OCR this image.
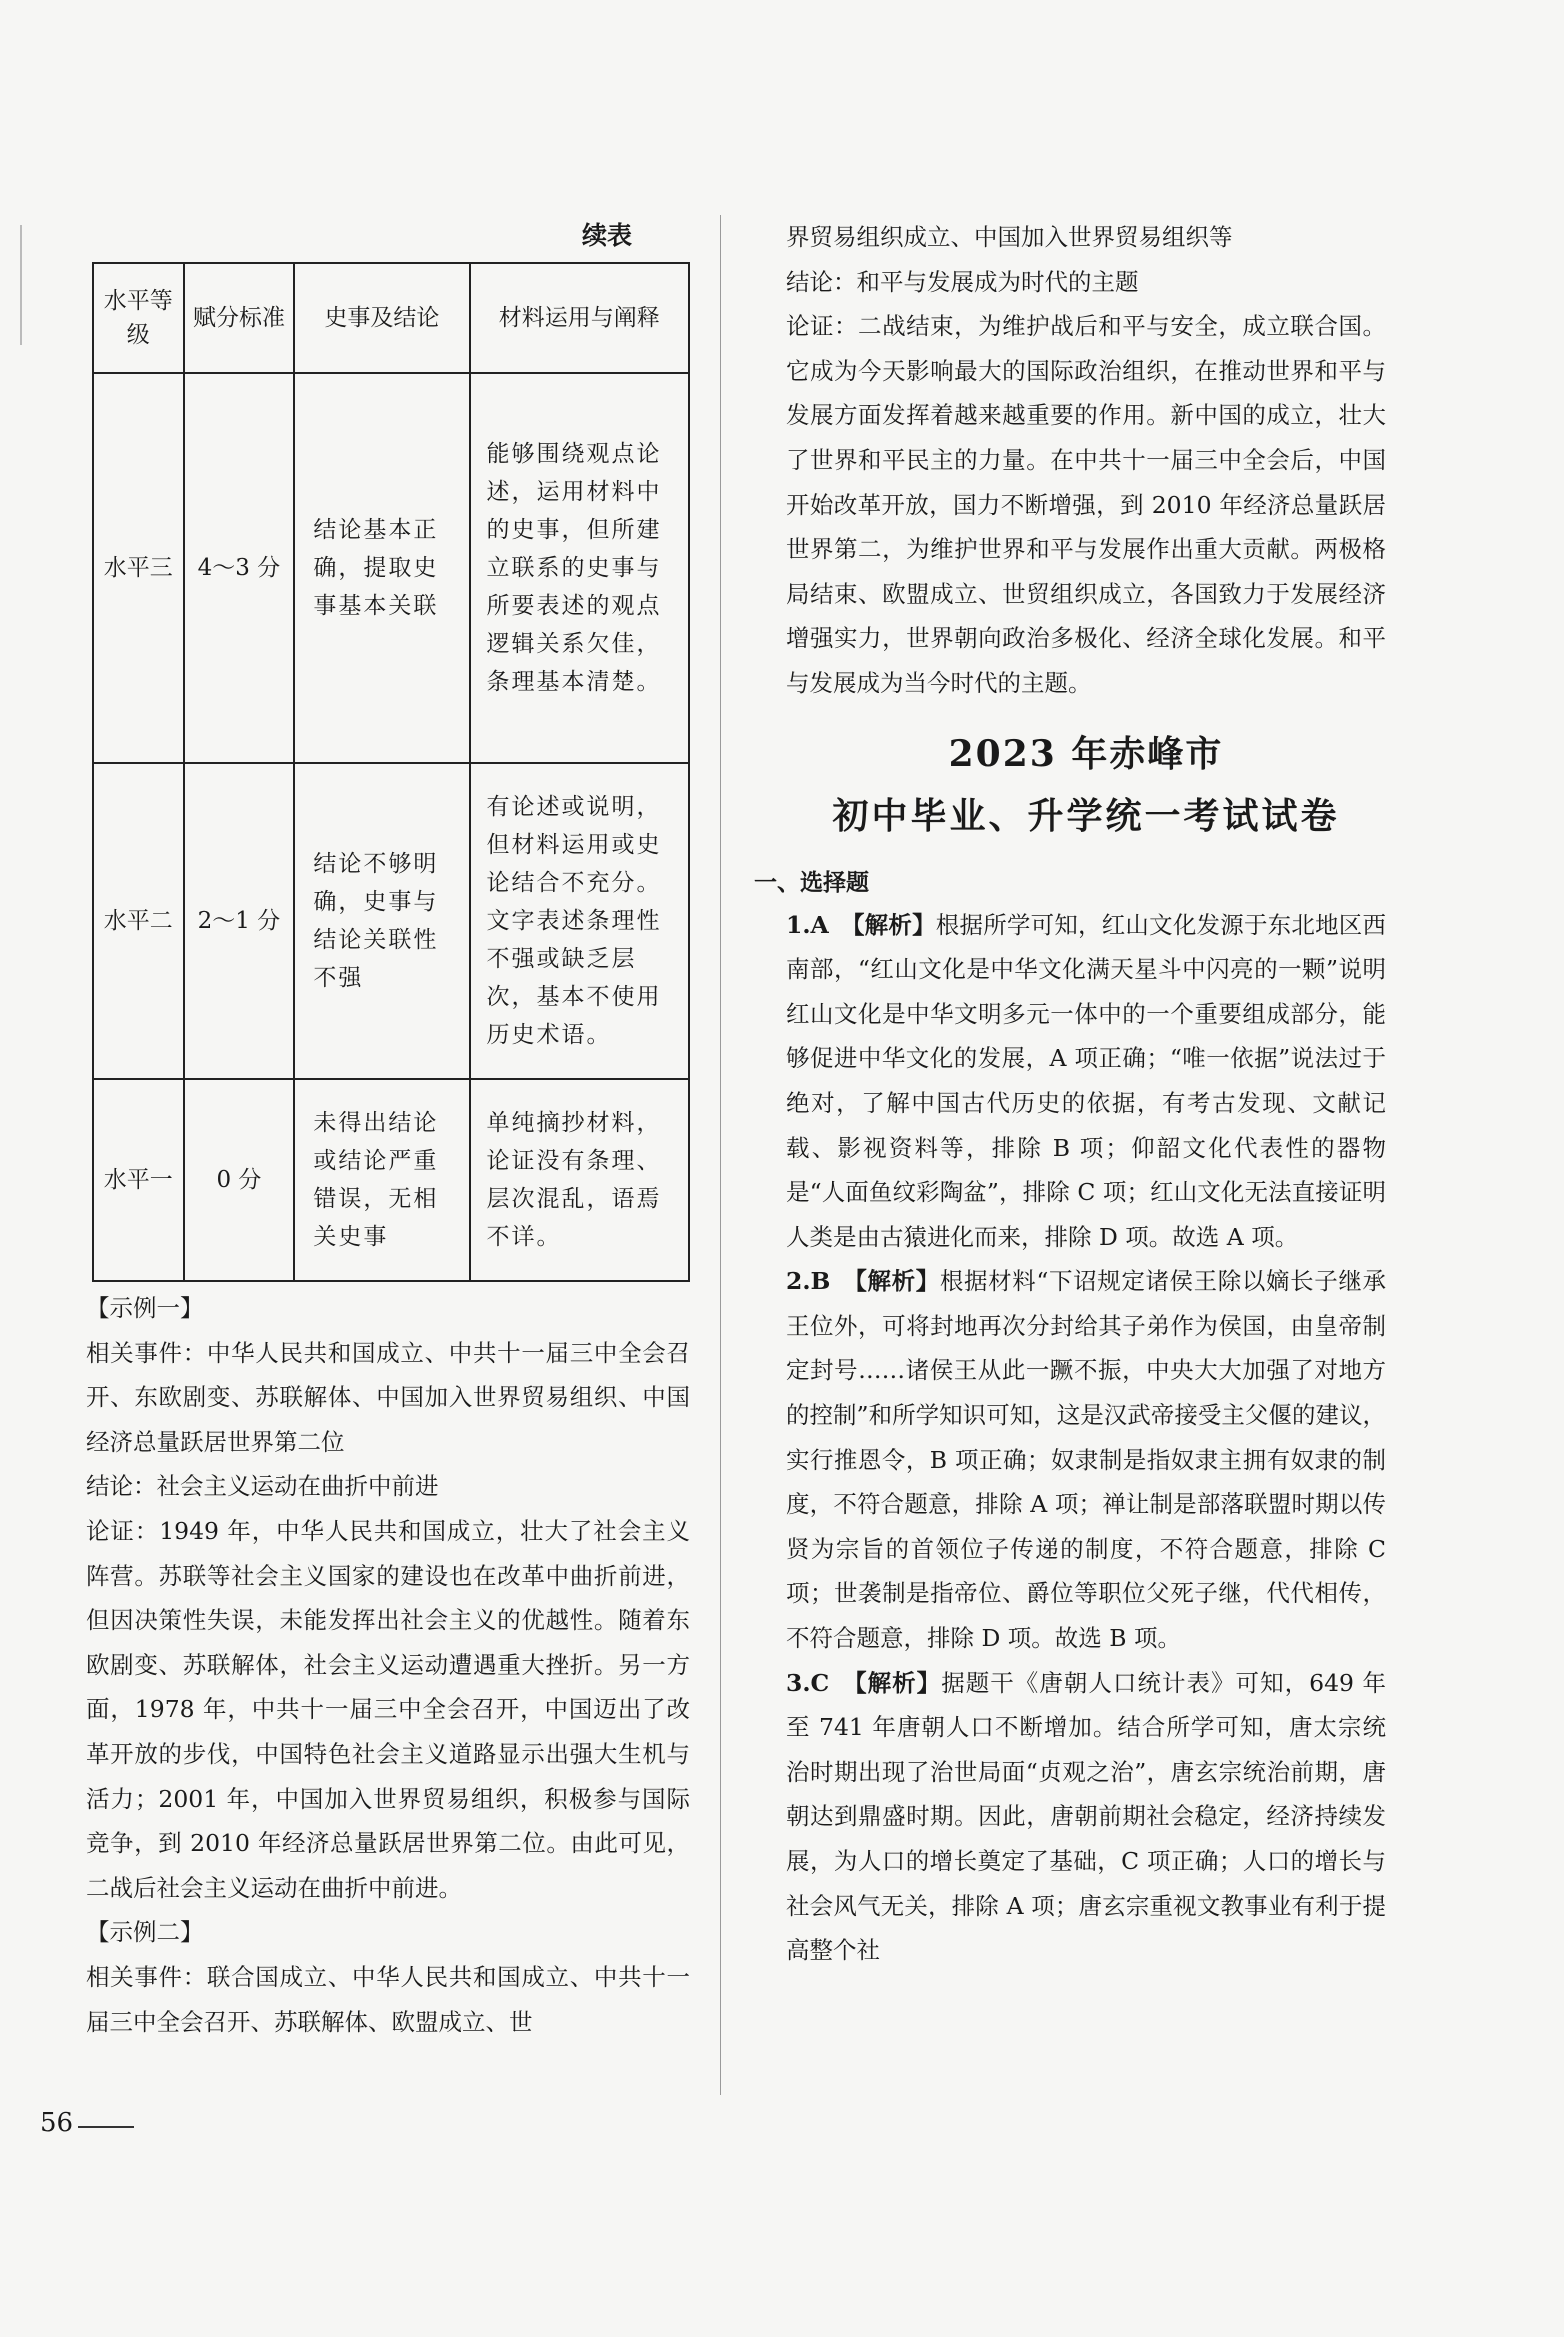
续表
水平等级	赋分标准	史事及结论	材料运用与阐释
水平三	4～3 分	结论基本正确，提取史事基本关联	能够围绕观点论述，运用材料中的史事，但所建立联系的史事与所要表述的观点逻辑关系欠佳，条理基本清楚。

水平二	2～1 分	结论不够明确，史事与结论关联性不强	有论述或说明，但材料运用或史论结合不充分。文字表述条理性不强或缺乏层次，基本不使用历史术语。

水平一	0 分	未得出结论或结论严重错误，无相关史事	单纯摘抄材料，论证没有条理、层次混乱，语焉不详。

【示例一】

相关事件：中华人民共和国成立、中共十一届三中全会召开、东欧剧变、苏联解体、中国加入世界贸易组织、中国经济总量跃居世界第二位

结论：社会主义运动在曲折中前进

论证：1949 年，中华人民共和国成立，壮大了社会主义阵营。苏联等社会主义国家的建设也在改革中曲折前进，但因决策性失误，未能发挥出社会主义的优越性。随着东欧剧变、苏联解体，社会主义运动遭遇重大挫折。另一方面，1978 年，中共十一届三中全会召开，中国迈出了改革开放的步伐，中国特色社会主义道路显示出强大生机与活力；2001 年，中国加入世界贸易组织，积极参与国际竞争，到 2010 年经济总量跃居世界第二位。由此可见，二战后社会主义运动在曲折中前进。

【示例二】

相关事件：联合国成立、中华人民共和国成立、中共十一届三中全会召开、苏联解体、欧盟成立、世

界贸易组织成立、中国加入世界贸易组织等

结论：和平与发展成为时代的主题

论证：二战结束，为维护战后和平与安全，成立联合国。它成为今天影响最大的国际政治组织，在推动世界和平与发展方面发挥着越来越重要的作用。新中国的成立，壮大了世界和平民主的力量。在中共十一届三中全会后，中国开始改革开放，国力不断增强，到 2010 年经济总量跃居世界第二，为维护世界和平与发展作出重大贡献。两极格局结束、欧盟成立、世贸组织成立，各国致力于发展经济增强实力，世界朝向政治多极化、经济全球化发展。和平与发展成为当今时代的主题。

2023 年赤峰市
初中毕业、升学统一考试试卷
一、选择题

1.A　 【解析】根据所学可知，红山文化发源于东北地区西南部，“红山文化是中华文化满天星斗中闪亮的一颗”说明红山文化是中华文明多元一体中的一个重要组成部分，能够促进中华文化的发展，A 项正确；“唯一依据”说法过于绝对，了解中国古代历史的依据，有考古发现、文献记载、影视资料等，排除 B 项；仰韶文化代表性的器物是“人面鱼纹彩陶盆”，排除 C 项；红山文化无法直接证明人类是由古猿进化而来，排除 D 项。故选 A 项。

2.B　 【解析】根据材料“下诏规定诸侯王除以嫡长子继承王位外，可将封地再次分封给其子弟作为侯国，由皇帝制定封号……诸侯王从此一蹶不振，中央大大加强了对地方的控制”和所学知识可知，这是汉武帝接受主父偃的建议，实行推恩令，B 项正确；奴隶制是指奴隶主拥有奴隶的制度，不符合题意，排除 A 项；禅让制是部落联盟时期以传贤为宗旨的首领位子传递的制度，不符合题意，排除 C 项；世袭制是指帝位、爵位等职位父死子继，代代相传，不符合题意，排除 D 项。故选 B 项。

3.C　 【解析】据题干《唐朝人口统计表》可知，649 年至 741 年唐朝人口不断增加。结合所学可知，唐太宗统治时期出现了治世局面“贞观之治”，唐玄宗统治前期，唐朝达到鼎盛时期。因此，唐朝前期社会稳定，经济持续发展，为人口的增长奠定了基础，C 项正确；人口的增长与社会风气无关，排除 A 项；唐玄宗重视文教事业有利于提高整个社

56
